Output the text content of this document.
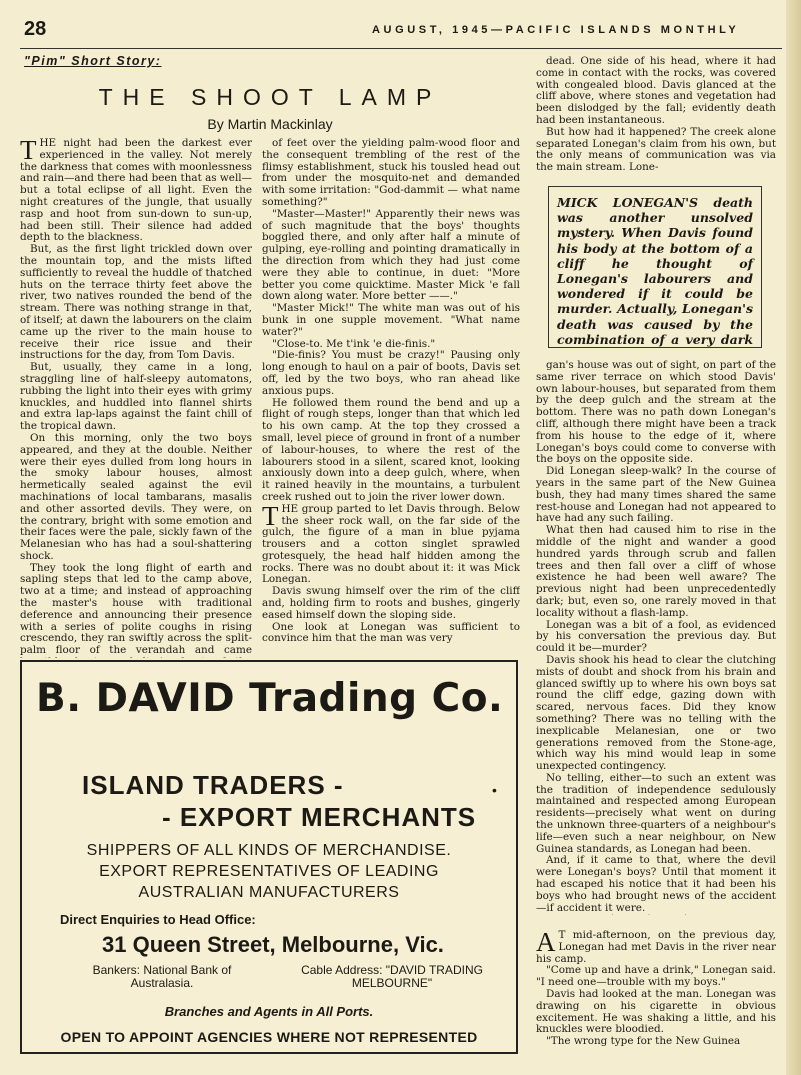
28	AUGUST, 1945—PACIFIC ISLANDS MONTHLY
"Pim" Short Story:
THE SHOOT LAMP
By Martin Mackinlay

THE night had been the darkest ever experienced in the valley. Not merely the darkness that comes with moonlessness and rain—and there had been that as well—but a total eclipse of all light. Even the night creatures of the jungle, that usually rasp and hoot from sun-down to sun-up, had been still. Their silence had added depth to the blackness.

But, as the first light trickled down over the mountain top, and the mists lifted sufficiently to reveal the huddle of thatched huts on the terrace thirty feet above the river, two natives rounded the bend of the stream. There was nothing strange in that, of itself; at dawn the labourers on the claim came up the river to the main house to receive their rice issue and their instructions for the day, from Tom Davis.

But, usually, they came in a long, straggling line of half-sleepy automatons, rubbing the light into their eyes with grimy knuckles, and huddled into flannel shirts and extra lap-laps against the faint chill of the tropical dawn.

On this morning, only the two boys appeared, and they at the double. Neither were their eyes dulled from long hours in the smoky labour houses, almost hermetically sealed against the evil machinations of local tambarans, masalis and other assorted devils. They were, on the contrary, bright with some emotion and their faces were the pale, sickly fawn of the Melanesian who has had a soul-shattering shock.

They took the long flight of earth and sapling steps that led to the camp above, two at a time; and instead of approaching the master's house with traditional deference and announcing their presence with a series of polite coughs in rising crescendo, they ran swiftly across the split-palm floor of the verandah and came

of feet over the yielding palm-wood floor and the consequent trembling of the rest of the flimsy establishment, stuck his tousled head out from under the mosquito-net and demanded with some irritation: "God-dammit — what name something?"

"Master—Master!" Apparently their news was of such magnitude that the boys' thoughts boggled there, and only after half a minute of gulping, eye-rolling and pointing dramatically in the direction from which they had just come were they able to continue, in duet: "More better you come quicktime. Master Mick 'e fall down along water. More better ——."

"Master Mick!" The white man was out of his bunk in one supple movement. "What name water?"

"Close-to. Me t'ink 'e die-finis."

"Die-finis? You must be crazy!" Pausing only long enough to haul on a pair of boots, Davis set off, led by the two boys, who ran ahead like anxious pups.

He followed them round the bend and up a flight of rough steps, longer than that which led to his own camp. At the top they crossed a small, level piece of ground in front of a number of labour-houses, to where the rest of the labourers stood in a silent, scared knot, looking anxiously down into a deep gulch, where, when it rained heavily in the mountains, a turbulent creek rushed out to join the river lower down.

THE group parted to let Davis through. Below the sheer rock wall, on the far side of the gulch, the figure of a man in blue pyjama trousers and a cotton singlet sprawled grotesquely, the head half hidden among the rocks. There was no doubt about it: it was Mick Lonegan.

Davis swung himself over the rim of the cliff and, holding firm to roots and bushes, gingerly eased himself down the sloping side.

One look at Lonegan was sufficient to convince him that the man was very

dead. One side of his head, where it had come in contact with the rocks, was covered with congealed blood. Davis glanced at the cliff above, where stones and vegetation had been dislodged by the fall; evidently death had been instantaneous.

But how had it happened? The creek alone separated Lonegan's claim from his own, but the only means of communication was via the main stream. Lone-

MICK LONEGAN'S death was another unsolved mystery. When Davis found his body at the bottom of a cliff he thought of Lonegan's labourers and wondered if it could be murder. Actually, Lonegan's death was caused by the combination of a very dark

gan's house was out of sight, on part of the same river terrace on which stood Davis' own labour-houses, but separated from them by the deep gulch and the stream at the bottom. There was no path down Lonegan's cliff, although there might have been a track from his house to the edge of it, where Lonegan's boys could come to converse with the boys on the opposite side.

Did Lonegan sleep-walk? In the course of years in the same part of the New Guinea bush, they had many times shared the same rest-house and Lonegan had not appeared to have had any such failing.

What then had caused him to rise in the middle of the night and wander a good hundred yards through scrub and fallen trees and then fall over a cliff of whose existence he had been well aware? The previous night had been unprecedentedly dark; but, even so, one rarely moved in that locality without a flash-lamp.

Lonegan was a bit of a fool, as evidenced by his conversation the previous day. But could it be—murder?

Davis shook his head to clear the clutching mists of doubt and shock from his brain and glanced swiftly up to where his own boys sat round the cliff edge, gazing down with scared, nervous faces. Did they know something? There was no telling with the inexplicable Melanesian, one or two generations removed from the Stone-age, which way his mind would leap in some unexpected contingency.

No telling, either—to such an extent was the tradition of independence sedulously maintained and respected among European residents—precisely what went on during the unknown three-quarters of a neighbour's life—even such a near neighbour, on New Guinea standards, as Lonegan had been.

And, if it came to that, where the devil were Lonegan's boys? Until that moment it had escaped his notice that it had been his boys who had brought news of the accident—if accident it were.

A T mid-afternoon, on the previous day, Lonegan had met Davis in the river near his camp.

"Come up and have a drink," Lonegan said. "I need one—trouble with my boys."

Davis had looked at the man. Lonegan was drawing on his cigarette in obvious excitement. He was shaking a little, and his knuckles were bloodied.

"The wrong type for the New Guinea

B. DAVID Trading Co.
ISLAND TRADERS -
- EXPORT MERCHANTS
•
SHIPPERS OF ALL KINDS OF MERCHANDISE.
EXPORT REPRESENTATIVES OF LEADING
AUSTRALIAN MANUFACTURERS
Direct Enquiries to Head Office:
31 Queen Street, Melbourne, Vic.
Bankers: National Bank of Australasia.
Cable Address: "DAVID TRADING MELBOURNE"
Branches and Agents in All Ports.
OPEN TO APPOINT AGENCIES WHERE NOT REPRESENTED
